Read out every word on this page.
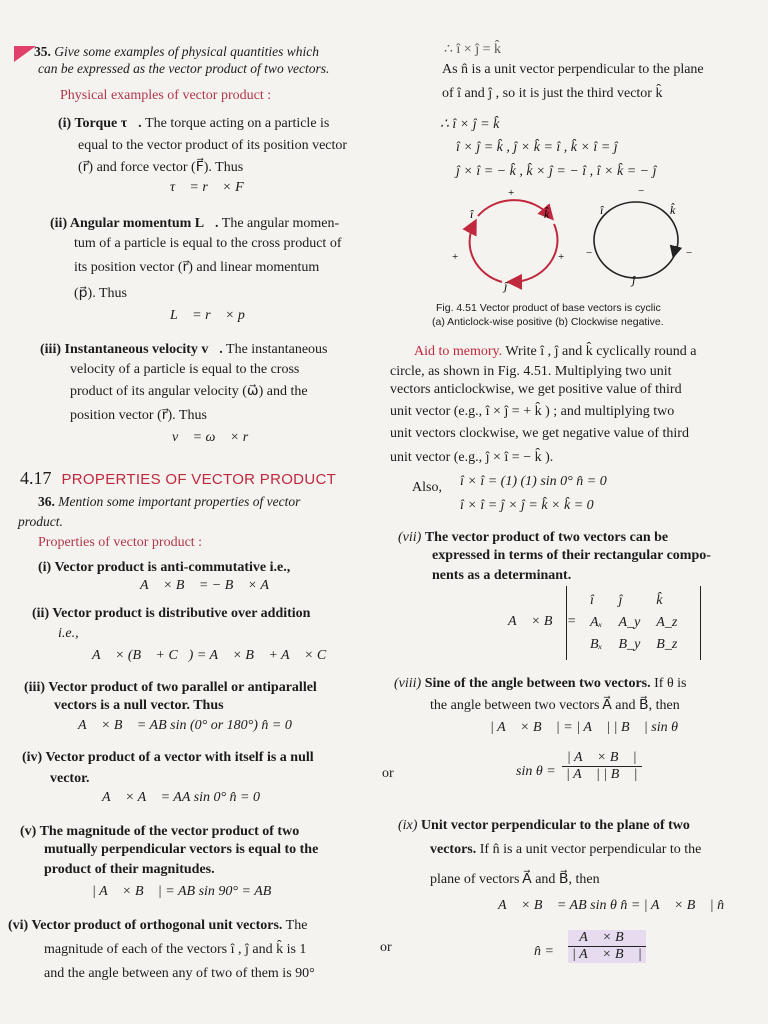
35. Give some examples of physical quantities which
can be expressed as the vector product of two vectors.
Physical examples of vector product :
(i) Torque τ⃗. The torque acting on a particle is
equal to the vector product of its position vector
(r⃗) and force vector (F⃗). Thus
τ⃗ = r⃗ × F⃗
(ii) Angular momentum L⃗. The angular momen-
tum of a particle is equal to the cross product of
its position vector (r⃗) and linear momentum
(p⃗). Thus
L⃗ = r⃗ × p⃗
(iii) Instantaneous velocity v⃗. The instantaneous
velocity of a particle is equal to the cross
product of its angular velocity (ω⃗) and the
position vector (r⃗). Thus
v⃗ = ω⃗ × r⃗
4.17 PROPERTIES OF VECTOR PRODUCT
36. Mention some important properties of vector
product.
Properties of vector product :
(i) Vector product is anti-commutative i.e.,
A⃗ × B⃗ = − B⃗ × A⃗
(ii) Vector product is distributive over addition
i.e.,
A⃗ × (B⃗ + C⃗) = A⃗ × B⃗ + A⃗ × C⃗
(iii) Vector product of two parallel or antiparallel
vectors is a null vector. Thus
A⃗ × B⃗ = AB sin (0° or 180°) n̂ = 0⃗
(iv) Vector product of a vector with itself is a null
vector.
A⃗ × A⃗ = AA sin 0° n̂ = 0⃗
(v) The magnitude of the vector product of two
mutually perpendicular vectors is equal to the
product of their magnitudes.
| A⃗ × B⃗ | = AB sin 90° = AB
(vi) Vector product of orthogonal unit vectors. The
magnitude of each of the vectors î , ĵ and k̂ is 1
and the angle between any of two of them is 90°
∴ î × ĵ = k̂
As n̂ is a unit vector perpendicular to the plane
of î and ĵ , so it is just the third vector k̂
∴ î × ĵ = k̂
î × ĵ = k̂ , ĵ × k̂ = î , k̂ × î = ĵ
ĵ × î = − k̂ , k̂ × ĵ = − î , î × k̂ = − ĵ
î	k̂
ĵ
+
+	+
î	k̂
ĵ
−
−	−
Fig. 4.51 Vector product of base vectors is cyclic
(a) Anticlock-wise positive (b) Clockwise negative.
Aid to memory. Write î , ĵ and k̂ cyclically round a
circle, as shown in Fig. 4.51. Multiplying two unit
vectors anticlockwise, we get positive value of third
unit vector (e.g., î × ĵ = + k̂ ) ; and multiplying two
unit vectors clockwise, we get negative value of third
unit vector (e.g., ĵ × î = − k̂ ).
Also, î × î = (1) (1) sin 0° n̂ = 0⃗
î × î = ĵ × ĵ = k̂ × k̂ = 0⃗
(vii) The vector product of two vectors can be
expressed in terms of their rectangular compo-
nents as a determinant.
A⃗ × B⃗ =
î	ĵ	k̂
Aₓ	A_y	A_z
Bₓ	B_y	B_z
(viii) Sine of the angle between two vectors. If θ is
the angle between two vectors A⃗ and B⃗, then
| A⃗ × B⃗ | = | A⃗ | | B⃗ | sin θ
or	$\sin \theta = \frac{| A⃗ \times B⃗ |}{| A⃗ | | B⃗ |}$
(ix) Unit vector perpendicular to the plane of two
vectors. If n̂ is a unit vector perpendicular to the
plane of vectors A⃗ and B⃗, then
A⃗ × B⃗ = AB sin θ n̂ = | A⃗ × B⃗ | n̂
or	n̂ = $\frac{A⃗ \times B⃗}{| A⃗ \times B⃗ |}$
